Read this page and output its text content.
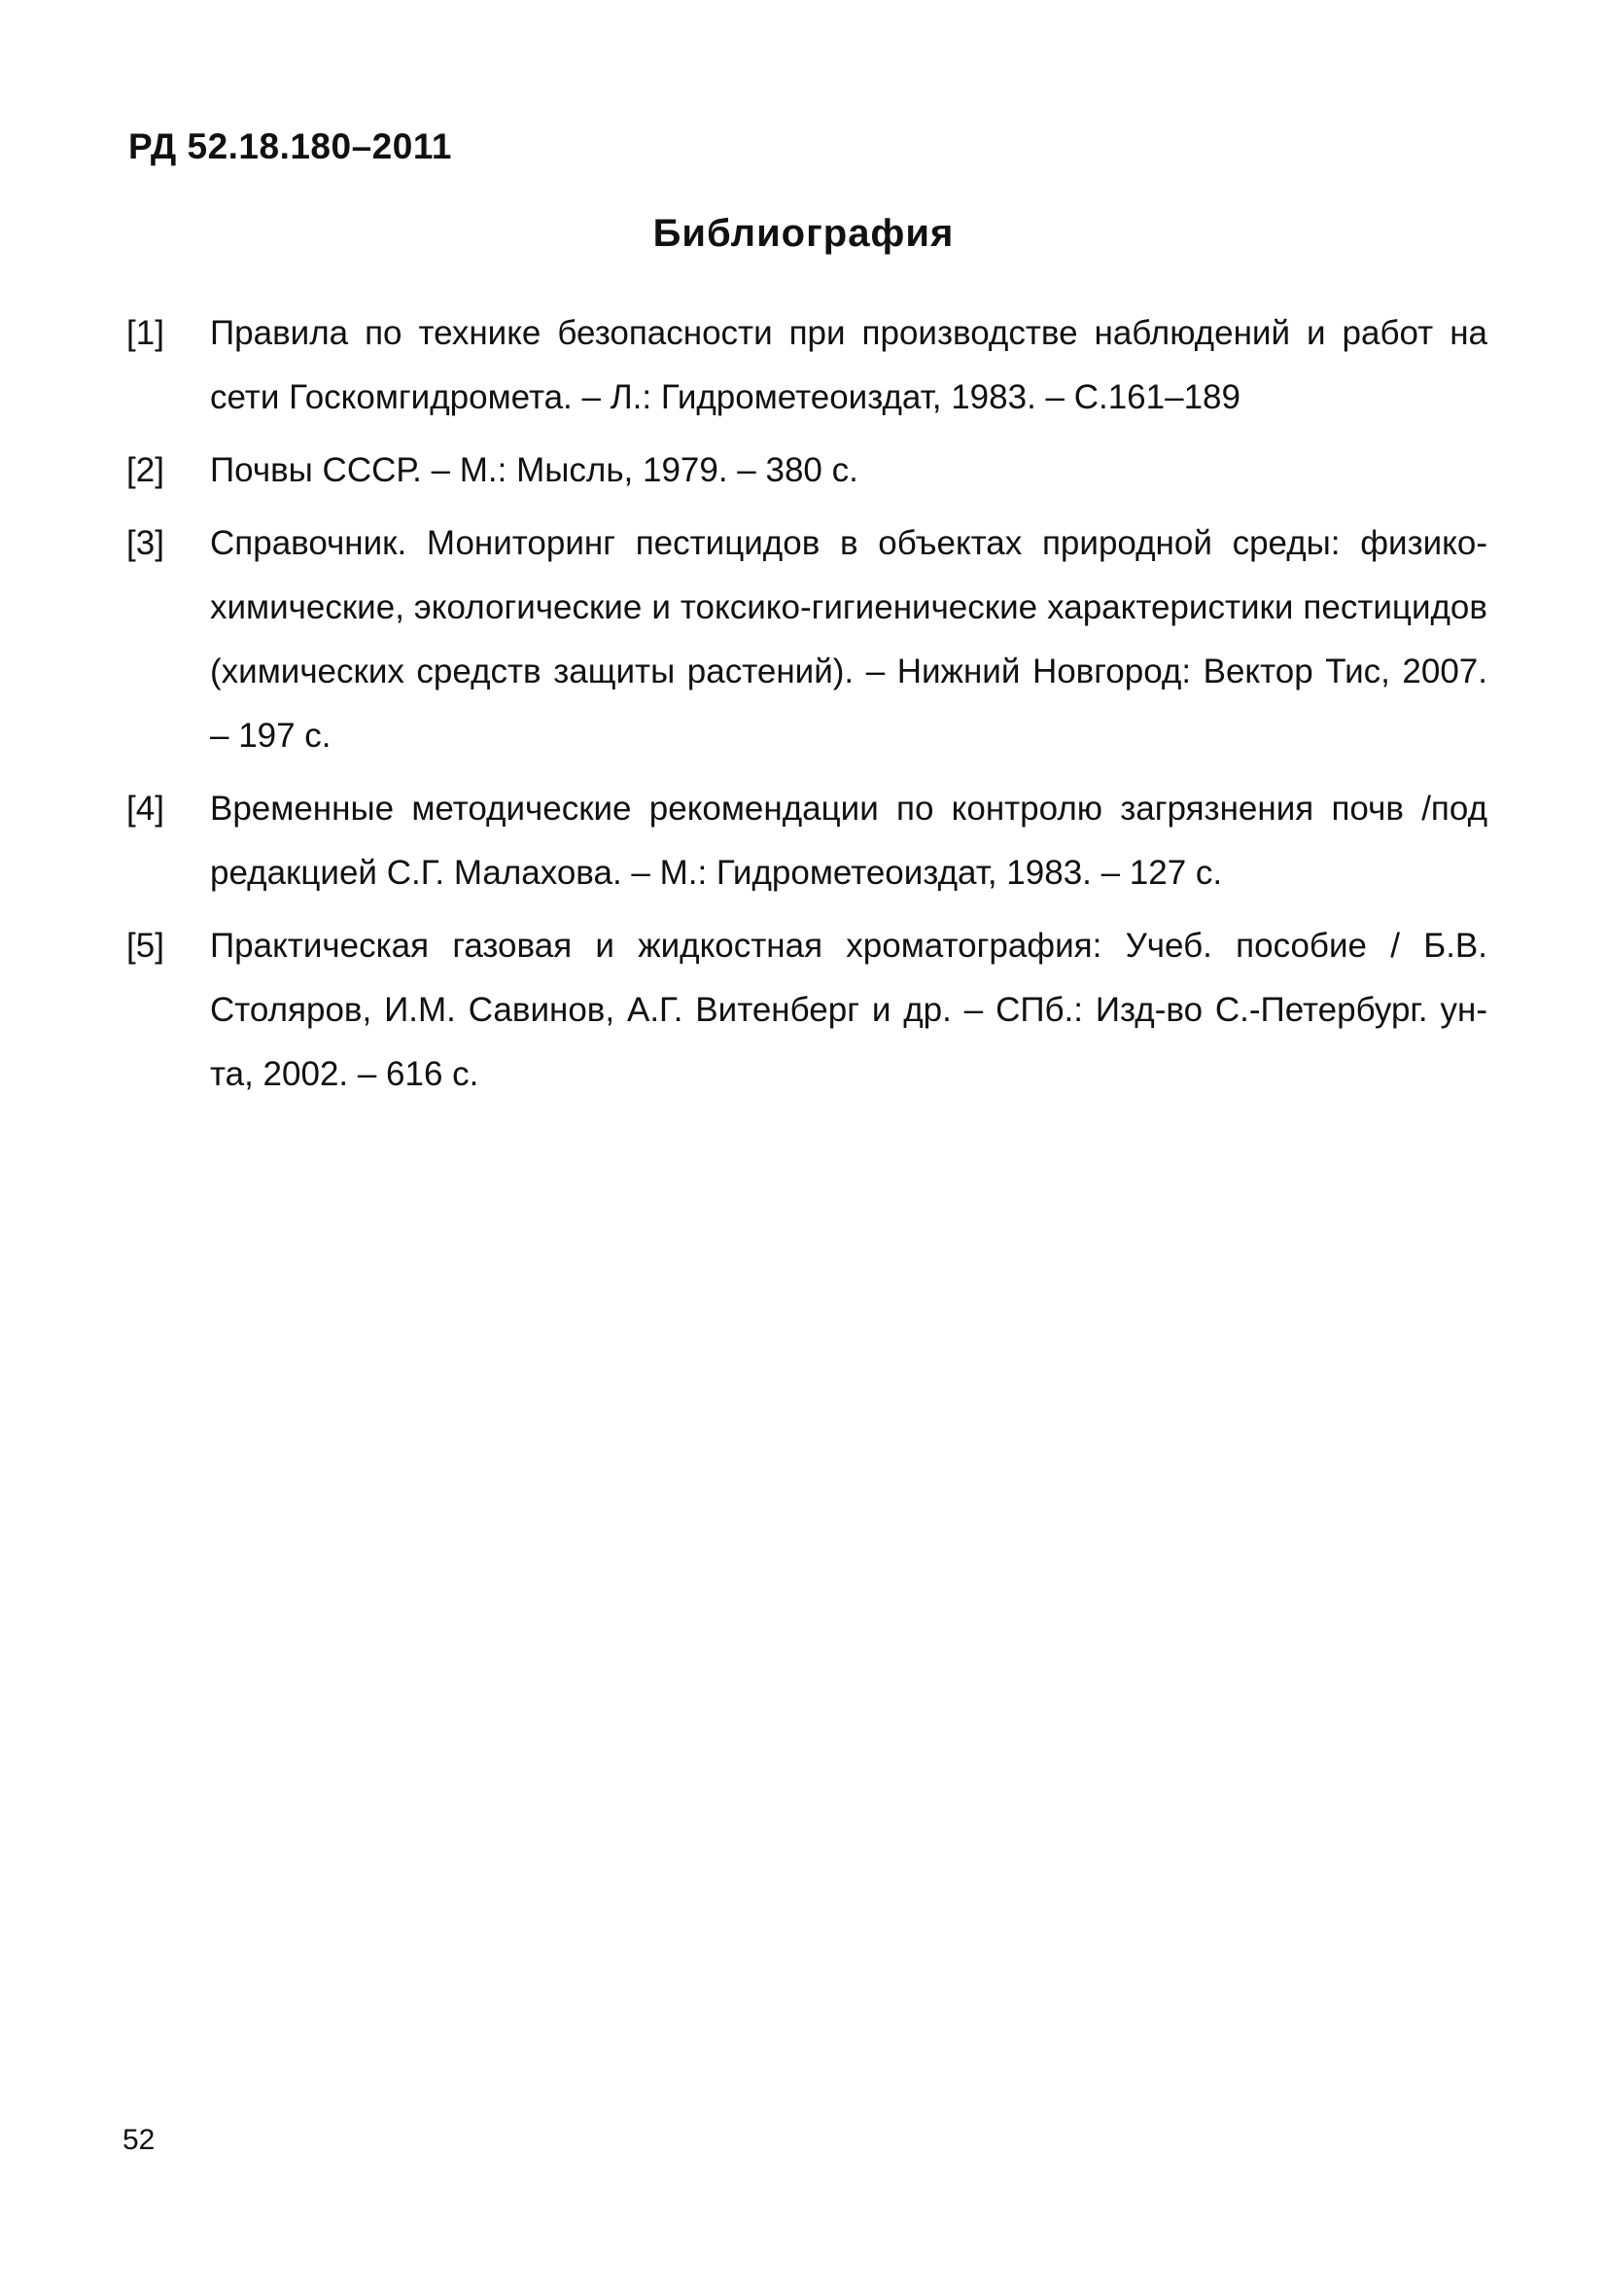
РД 52.18.180–2011
Библиография
[1]	Правила по технике безопасности при производстве наблюдений и работ на сети Госкомгидромета. – Л.: Гидрометеоиздат, 1983. – С.161–189
[2]	Почвы СССР. – М.: Мысль, 1979. – 380 с.
[3]	Справочник. Мониторинг пестицидов в объектах природной среды: физико-химические, экологические и токсико-гигиенические характеристики пестицидов (химических средств защиты растений). – Нижний Новгород: Вектор Тис, 2007. – 197 с.
[4]	Временные методические рекомендации по контролю загрязнения почв /под редакцией С.Г. Малахова. – М.: Гидрометеоиздат, 1983. – 127 с.
[5]	Практическая газовая и жидкостная хроматография: Учеб. пособие / Б.В. Столяров, И.М. Савинов, А.Г. Витенберг и др. – СПб.: Изд-во С.-Петербург. ун-та, 2002. – 616 с.
52
